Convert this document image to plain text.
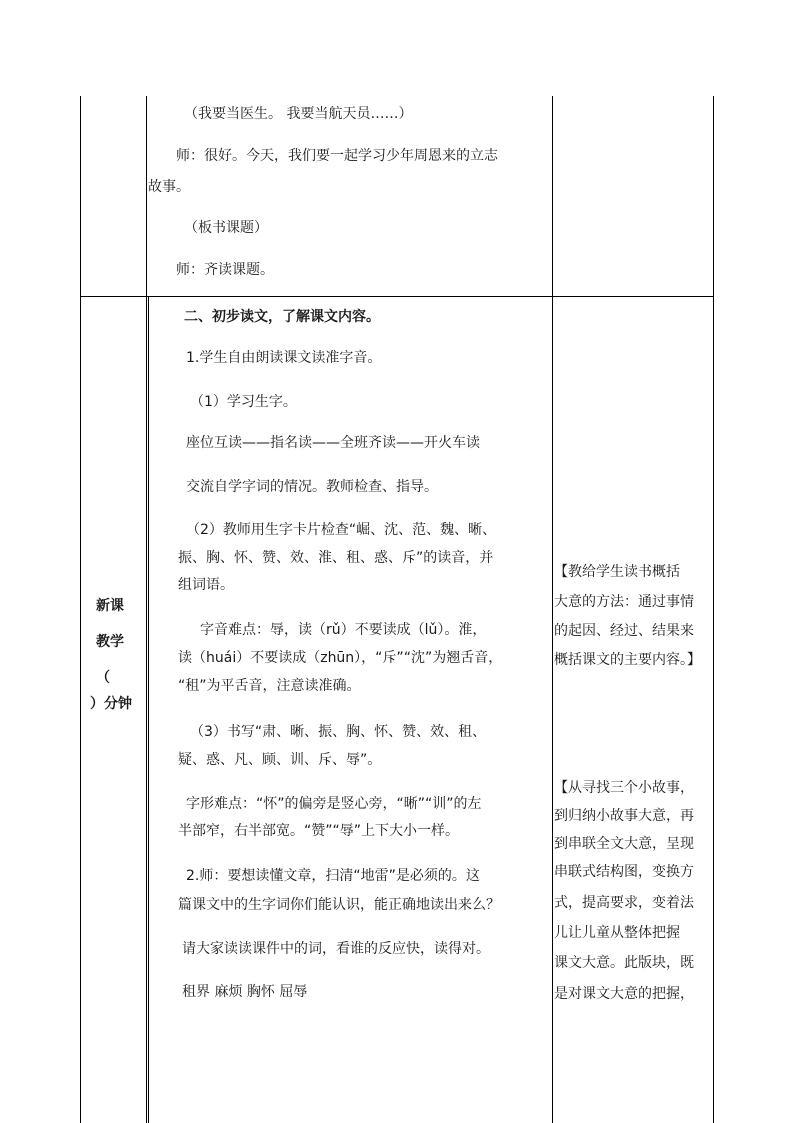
（我要当医生。 我要当航天员……）
师：很好。今天，我们要一起学习少年周恩来的立志
故事。
（板书课题）
师：齐读课题。
新课
教学
（
）分钟
二、初步读文，了解课文内容。
1.学生自由朗读课文读准字音。
（1）学习生字。
座位互读——指名读——全班齐读——开火车读
交流自学字词的情况。教师检查、指导。
（2）教师用生字卡片检查“崛、沈、范、魏、晰、
振、胸、怀、赞、效、淮、租、惑、斥”的读音，并
组词语。
字音难点：辱，读（rǔ）不要读成（lǔ）。淮，
读（huái）不要读成（zhūn），“斥”“沈”为翘舌音，
“租”为平舌音，注意读准确。
（3）书写“肃、晰、振、胸、怀、赞、效、租、
疑、惑、凡、顾、训、斥、辱”。
字形难点：“怀”的偏旁是竖心旁，“晰”“训”的左
半部窄，右半部宽。“赞”“辱”上下大小一样。
2.师：要想读懂文章，扫清“地雷”是必须的。这
篇课文中的生字词你们能认识，能正确地读出来么？
请大家读读课件中的词，看谁的反应快，读得对。
租界 麻烦 胸怀 屈辱
【教给学生读书概括
大意的方法：通过事情
的起因、经过、结果来
概括课文的主要内容。】
【从寻找三个小故事，
到归纳小故事大意，再
到串联全文大意，呈现
串联式结构图，变换方
式，提高要求，变着法
儿让儿童从整体把握
课文大意。此版块，既
是对课文大意的把握，
